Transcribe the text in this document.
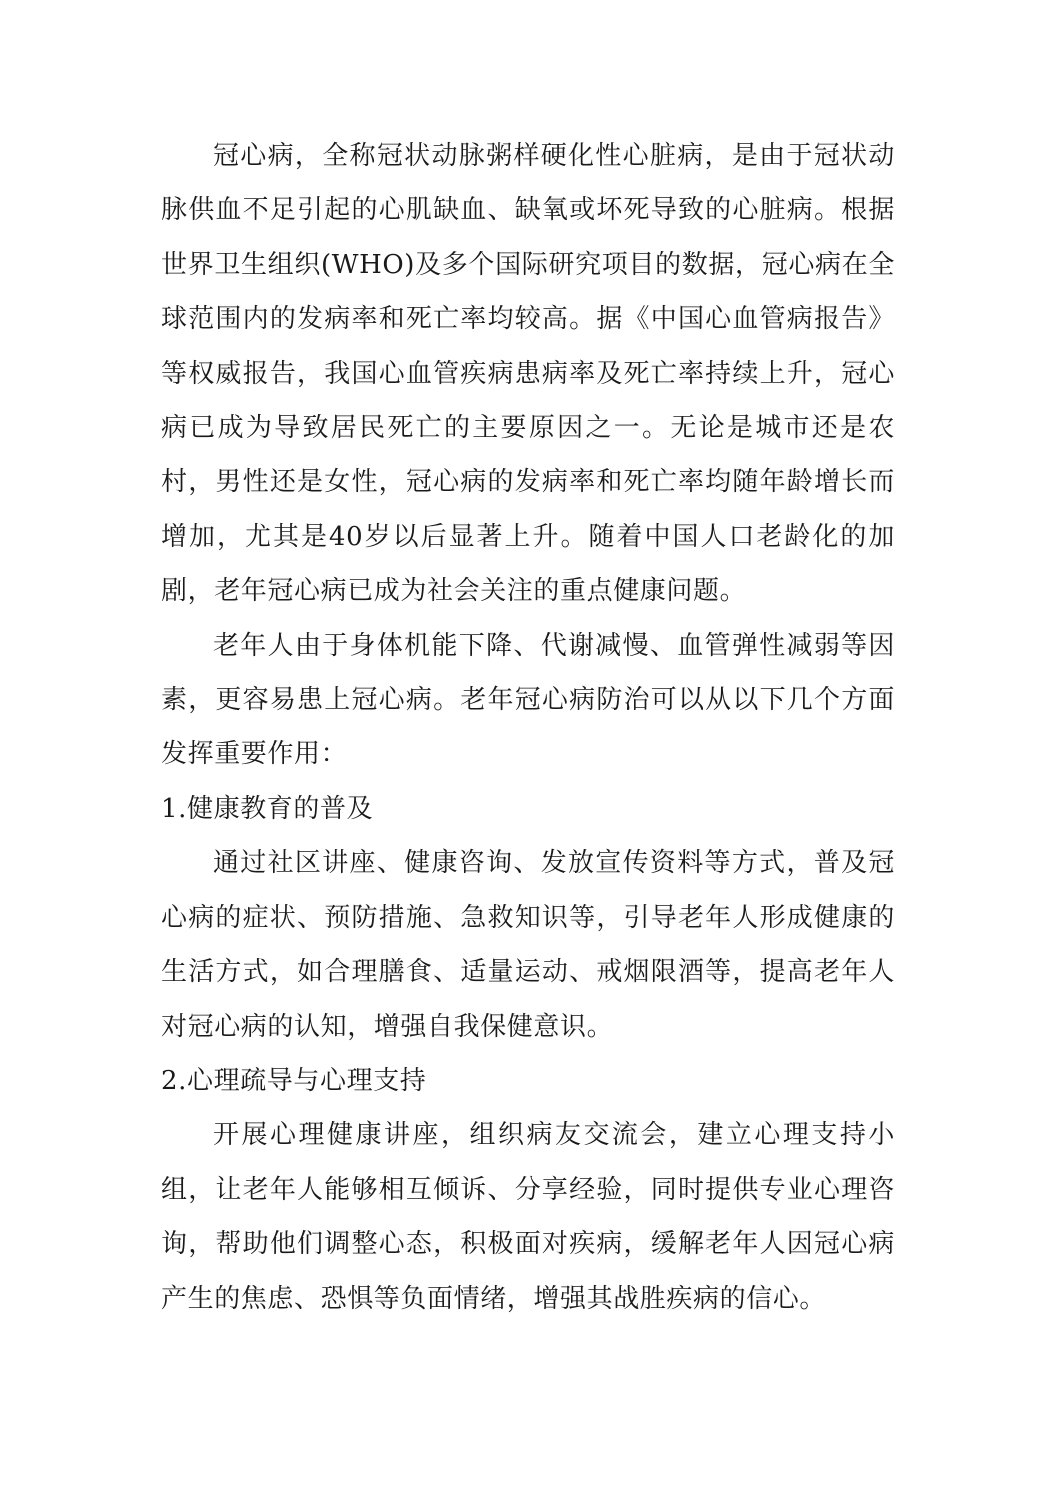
冠心病，全称冠状动脉粥样硬化性心脏病，是由于冠状动脉供血不足引起的心肌缺血、缺氧或坏死导致的心脏病。根据世界卫生组织(WHO)及多个国际研究项目的数据，冠心病在全球范围内的发病率和死亡率均较高。据《中国心血管病报告》等权威报告，我国心血管疾病患病率及死亡率持续上升，冠心病已成为导致居民死亡的主要原因之一。无论是城市还是农村，男性还是女性，冠心病的发病率和死亡率均随年龄增长而增加，尤其是40岁以后显著上升。随着中国人口老龄化的加剧，老年冠心病已成为社会关注的重点健康问题。

老年人由于身体机能下降、代谢减慢、血管弹性减弱等因素，更容易患上冠心病。老年冠心病防治可以从以下几个方面发挥重要作用：

1.健康教育的普及

通过社区讲座、健康咨询、发放宣传资料等方式，普及冠心病的症状、预防措施、急救知识等，引导老年人形成健康的生活方式，如合理膳食、适量运动、戒烟限酒等，提高老年人对冠心病的认知，增强自我保健意识。

2.心理疏导与心理支持

开展心理健康讲座，组织病友交流会，建立心理支持小组，让老年人能够相互倾诉、分享经验，同时提供专业心理咨询，帮助他们调整心态，积极面对疾病，缓解老年人因冠心病产生的焦虑、恐惧等负面情绪，增强其战胜疾病的信心。
